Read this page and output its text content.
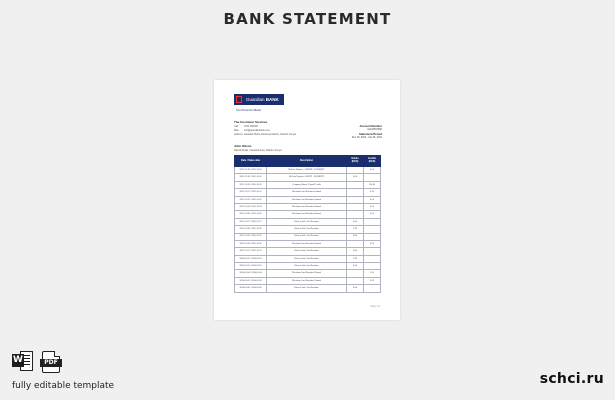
BANK STATEMENT
Guardian BANK
Your Premium Bank
The Customer Services
Call 0700 000000
Mail info@guardianbank.com
AddressGuardian Bank, Business District, Nairobi, Kenya
Account Number
01234567890
Statement Period
Dec 18, 2023 - Jan 06, 2024
John Otieno
Nairobi Road, Industrial Area, Nairobi, Kenya
Date / Value date	Description	Debits (KES)	Credits (KES)
2023-12-18 / 2023-12-18	M-Pesa Transfer - CREDIT - PAYMENT		8.10
2023-12-18 / 2023-12-18	M-Pesa Transfer - DEBIT - PAYMENT	8.04	
2023-12-20 / 2023-12-20	Company Salary / Payroll Credit		200.00
2023-12-21 / 2023-12-21	Merchant Card Purchase Refund		8.10
2023-12-22 / 2023-12-22	Merchant Card Purchase Refund		8.10
2023-12-24 / 2023-12-24	Merchant Card Purchase Refund		8.10
2023-12-26 / 2023-12-26	Merchant Card Purchase Refund		8.10
2023-12-27 / 2023-12-27	Point of Sale Card Purchase	8.04	
2023-12-28 / 2023-12-28	Point of Sale Card Purchase	3.99	
2023-12-29 / 2023-12-29	Point of Sale Card Purchase	8.04	
2023-12-30 / 2023-12-30	Merchant Card Purchase Refund		8.10
2023-12-31 / 2023-12-31	Point of Sale Card Purchase	8.04	
2024-01-02 / 2024-01-02	Point of Sale Card Purchase	3.99	
2024-01-03 / 2024-01-03	Point of Sale Card Purchase	8.04	
2024-01-04 / 2024-01-04	Merchant Card Purchase Refund		2.50
2024-01-05 / 2024-01-05	Merchant Card Purchase Refund		6.20
2024-01-06 / 2024-01-06	Point of Sale Card Purchase	8.04	
Page 1/1
W	PDF
fully editable template	schci.ru
